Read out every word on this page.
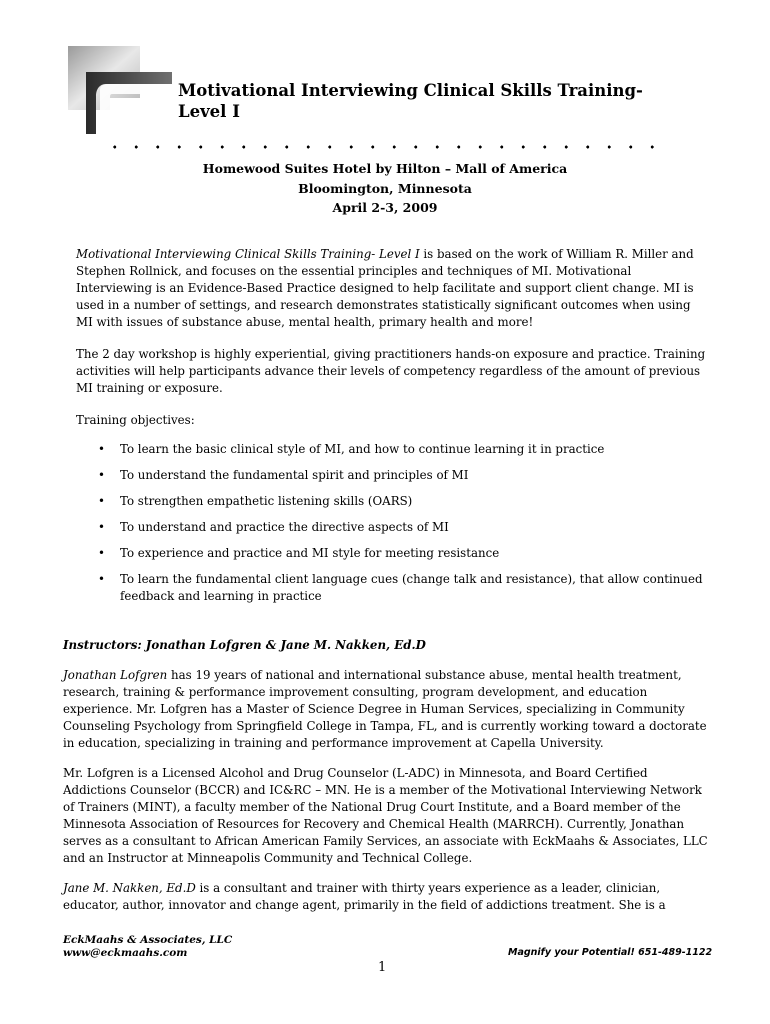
Motivational Interviewing Clinical Skills Training-
Level I
Homewood Suites Hotel by Hilton – Mall of America
Bloomington, Minnesota
April 2-3, 2009

Motivational Interviewing Clinical Skills Training- Level I is based on the work of William R. Miller and Stephen Rollnick, and focuses on the essential principles and techniques of MI. Motivational Interviewing is an Evidence-Based Practice designed to help facilitate and support client change. MI is used in a number of settings, and research demonstrates statistically significant outcomes when using MI with issues of substance abuse, mental health, primary health and more!

The 2 day workshop is highly experiential, giving practitioners hands-on exposure and practice. Training activities will help participants advance their levels of competency regardless of the amount of previous MI training or exposure.

Training objectives:

• To learn the basic clinical style of MI, and how to continue learning it in practice
• To understand the fundamental spirit and principles of MI
• To strengthen empathetic listening skills (OARS)
• To understand and practice the directive aspects of MI
• To experience and practice and MI style for meeting resistance
• To learn the fundamental client language cues (change talk and resistance), that allow continued feedback and learning in practice

Instructors: Jonathan Lofgren & Jane M. Nakken, Ed.D

Jonathan Lofgren has 19 years of national and international substance abuse, mental health treatment, research, training & performance improvement consulting, program development, and education experience. Mr. Lofgren has a Master of Science Degree in Human Services, specializing in Community Counseling Psychology from Springfield College in Tampa, FL, and is currently working toward a doctorate in education, specializing in training and performance improvement at Capella University.

Mr. Lofgren is a Licensed Alcohol and Drug Counselor (L-ADC) in Minnesota, and Board Certified Addictions Counselor (BCCR) and IC&RC – MN. He is a member of the Motivational Interviewing Network of Trainers (MINT), a faculty member of the National Drug Court Institute, and a Board member of the Minnesota Association of Resources for Recovery and Chemical Health (MARRCH). Currently, Jonathan serves as a consultant to African American Family Services, an associate with EckMaahs & Associates, LLC and an Instructor at Minneapolis Community and Technical College.

Jane M. Nakken, Ed.D is a consultant and trainer with thirty years experience as a leader, clinician, educator, author, innovator and change agent, primarily in the field of addictions treatment. She is a

EckMaahs & Associates, LLC
www@eckmaahs.com	Magnify your Potential! 651-489-1122
1
